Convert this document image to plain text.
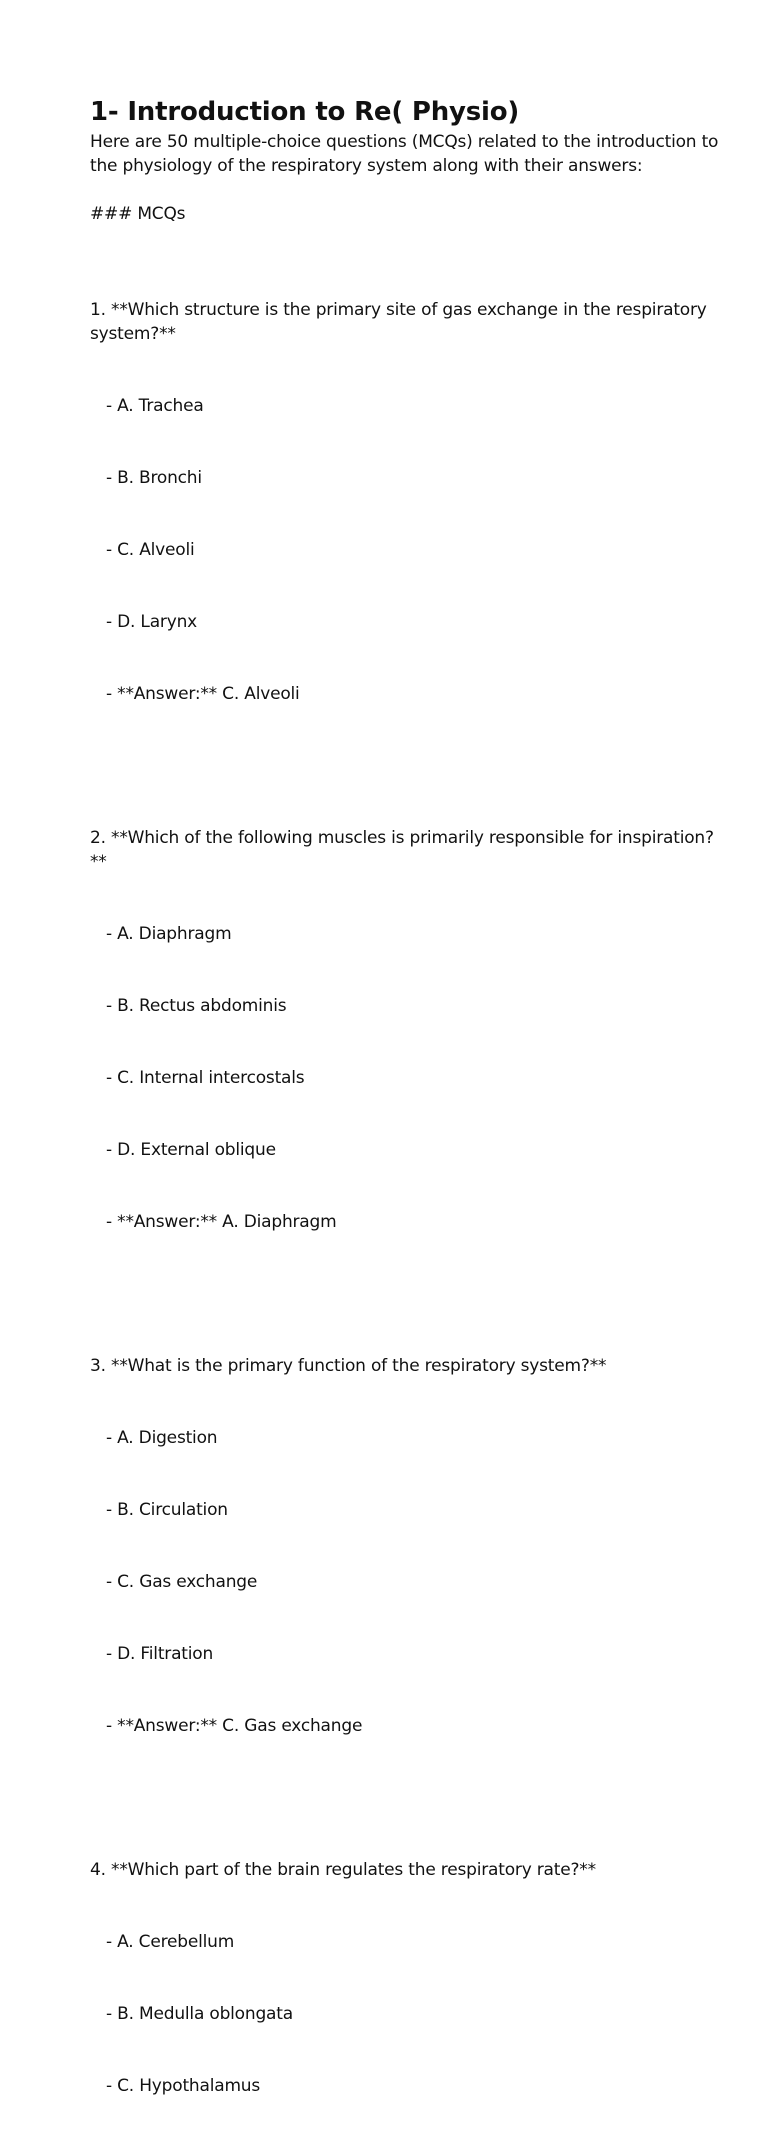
1- Introduction to Re( Physio)

Here are 50 multiple-choice questions (MCQs) related to the introduction to the physiology of the respiratory system along with their answers:

### MCQs

1. **Which structure is the primary site of gas exchange in the respiratory system?**

- A. Trachea

- B. Bronchi

- C. Alveoli

- D. Larynx

- **Answer:** C. Alveoli

2. **Which of the following muscles is primarily responsible for inspiration?**

- A. Diaphragm

- B. Rectus abdominis

- C. Internal intercostals

- D. External oblique

- **Answer:** A. Diaphragm

3. **What is the primary function of the respiratory system?**

- A. Digestion

- B. Circulation

- C. Gas exchange

- D. Filtration

- **Answer:** C. Gas exchange

4. **Which part of the brain regulates the respiratory rate?**

- A. Cerebellum

- B. Medulla oblongata

- C. Hypothalamus
